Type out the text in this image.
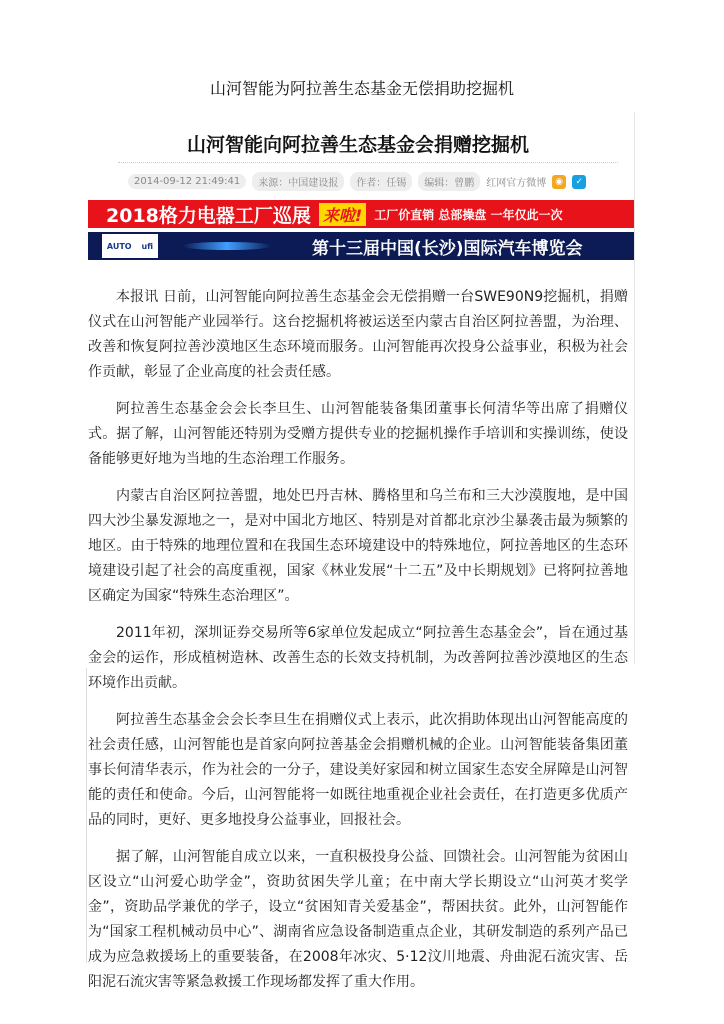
山河智能为阿拉善生态基金无偿捐助挖掘机
山河智能向阿拉善生态基金会捐赠挖掘机
2014-09-12 21:49:41	来源：中国建设报	作者：任锡	编辑：曾鹏	红网官方微博	◉	✓
2018格力电器工厂巡展 来啦!	工厂价直销 总部操盘 一年仅此一次
AUTO ufi	第十三届中国(长沙)国际汽车博览会

本报讯 日前，山河智能向阿拉善生态基金会无偿捐赠一台SWE90N9挖掘机，捐赠仪式在山河智能产业园举行。这台挖掘机将被运送至内蒙古自治区阿拉善盟，为治理、改善和恢复阿拉善沙漠地区生态环境而服务。山河智能再次投身公益事业，积极为社会作贡献，彰显了企业高度的社会责任感。

阿拉善生态基金会会长李旦生、山河智能装备集团董事长何清华等出席了捐赠仪式。据了解，山河智能还特别为受赠方提供专业的挖掘机操作手培训和实操训练，使设备能够更好地为当地的生态治理工作服务。

内蒙古自治区阿拉善盟，地处巴丹吉林、腾格里和乌兰布和三大沙漠腹地，是中国四大沙尘暴发源地之一，是对中国北方地区、特别是对首都北京沙尘暴袭击最为频繁的地区。由于特殊的地理位置和在我国生态环境建设中的特殊地位，阿拉善地区的生态环境建设引起了社会的高度重视，国家《林业发展“十二五”及中长期规划》已将阿拉善地区确定为国家“特殊生态治理区”。

2011年初，深圳证券交易所等6家单位发起成立“阿拉善生态基金会”，旨在通过基金会的运作，形成植树造林、改善生态的长效支持机制，为改善阿拉善沙漠地区的生态环境作出贡献。

阿拉善生态基金会会长李旦生在捐赠仪式上表示，此次捐助体现出山河智能高度的社会责任感，山河智能也是首家向阿拉善基金会捐赠机械的企业。山河智能装备集团董事长何清华表示，作为社会的一分子，建设美好家园和树立国家生态安全屏障是山河智能的责任和使命。今后，山河智能将一如既往地重视企业社会责任，在打造更多优质产品的同时，更好、更多地投身公益事业，回报社会。

据了解，山河智能自成立以来，一直积极投身公益、回馈社会。山河智能为贫困山区设立“山河爱心助学金”，资助贫困失学儿童；在中南大学长期设立“山河英才奖学金”，资助品学兼优的学子，设立“贫困知青关爱基金”，帮困扶贫。此外，山河智能作为“国家工程机械动员中心”、湖南省应急设备制造重点企业，其研发制造的系列产品已成为应急救援场上的重要装备，在2008年冰灾、5·12汶川地震、舟曲泥石流灾害、岳阳泥石流灾害等紧急救援工作现场都发挥了重大作用。
